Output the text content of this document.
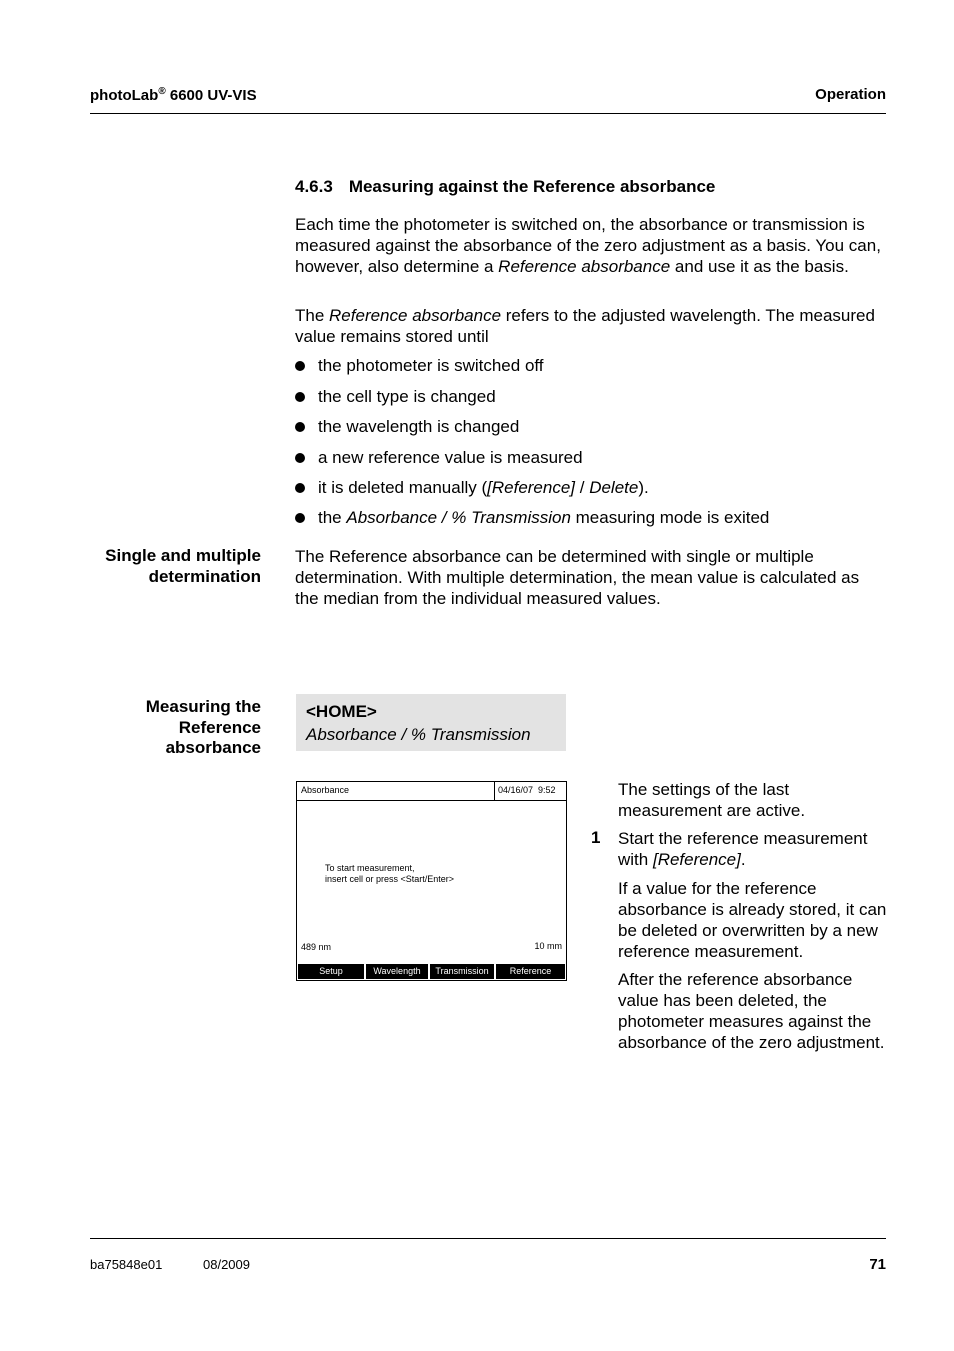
photoLab® 6600 UV-VIS	Operation
4.6.3 Measuring against the Reference absorbance
Each time the photometer is switched on, the absorbance or transmission is measured against the absorbance of the zero adjustment as a basis. You can, however, also determine a Reference absorbance and use it as the basis.
The Reference absorbance refers to the adjusted wavelength. The measured value remains stored until
the photometer is switched off
the cell type is changed
the wavelength is changed
a new reference value is measured
it is deleted manually ([Reference] / Delete).
the Absorbance / % Transmission measuring mode is exited
Single and multiple
determination
The Reference absorbance can be determined with single or multiple determination. With multiple determination, the mean value is calculated as the median from the individual measured values.
Measuring the
Reference
absorbance
<HOME>
Absorbance / % Transmission
Absorbance	04/16/07  9:52
To start measurement,
insert cell or press <Start/Enter>
489 nm	10 mm
Setup	Wavelength	Transmission	Reference
The settings of the last measurement are active.
1 Start the reference measurement with [Reference].
If a value for the reference absorbance is already stored, it can be deleted or overwritten by a new reference measurement.
After the reference absorbance value has been deleted, the photometer measures against the absorbance of the zero adjustment.
ba75848e01	08/2009	71
